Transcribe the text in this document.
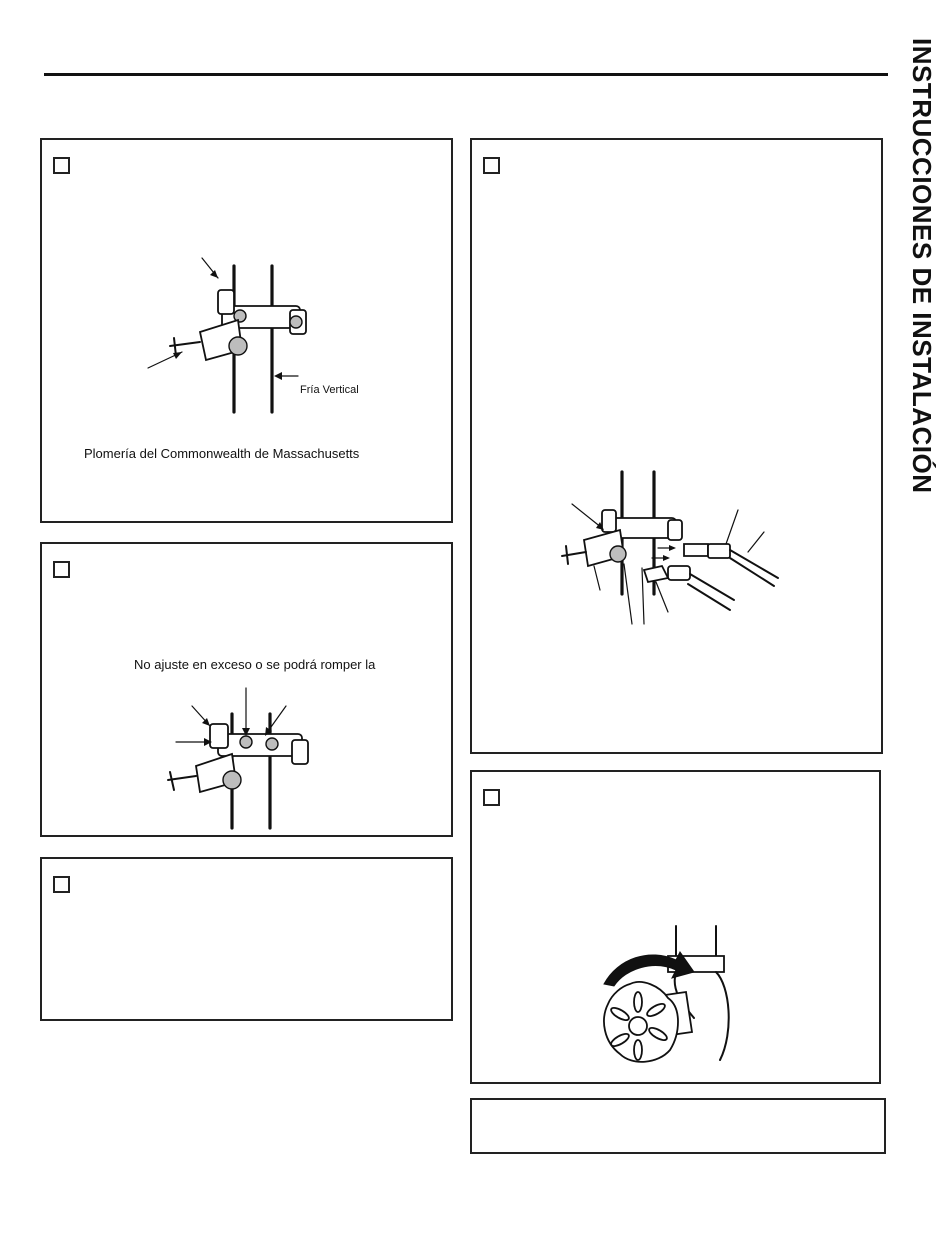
INSTRUCCIONES DE INSTALACIÓN
Fría Vertical
Plomería del Commonwealth de Massachusetts
No ajuste en exceso o se podrá romper la
